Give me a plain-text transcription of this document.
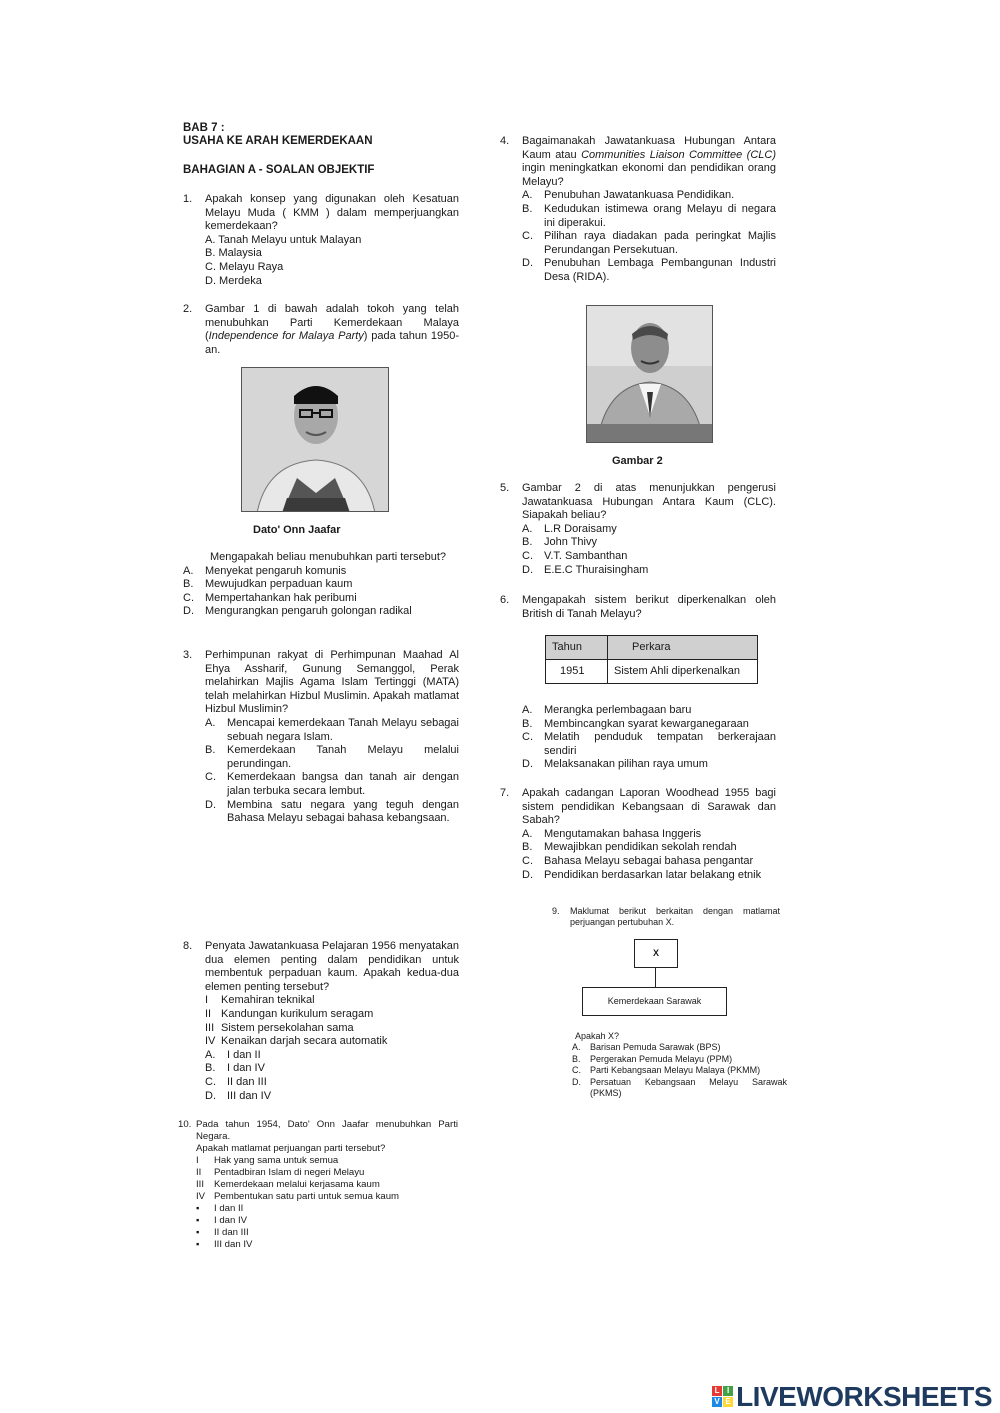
BAB 7 :
USAHA KE ARAH KEMERDEKAAN
BAHAGIAN A - SOALAN OBJEKTIF
1.	Apakah konsep yang digunakan oleh Kesatuan Melayu Muda ( KMM ) dalam memperjuangkan kemerdekaan?
A. Tanah Melayu untuk Malayan
B. Malaysia
C. Melayu Raya
D. Merdeka
2.	Gambar 1 di bawah adalah tokoh yang telah menubuhkan Parti Kemerdekaan Malaya (Independence for Malaya Party) pada tahun 1950-an.
Dato' Onn Jaafar
Mengapakah beliau menubuhkan parti tersebut?
A.	Menyekat pengaruh komunis
B.	Mewujudkan perpaduan kaum
C.	Mempertahankan hak peribumi
D.	Mengurangkan pengaruh golongan radikal
3.	Perhimpunan rakyat di Perhimpunan Maahad Al Ehya Assharif, Gunung Semanggol, Perak melahirkan Majlis Agama Islam Tertinggi (MATA) telah melahirkan Hizbul Muslimin. Apakah matlamat Hizbul Muslimin?
A.	Mencapai kemerdekaan Tanah Melayu sebagai sebuah negara Islam.
B.	Kemerdekaan Tanah Melayu melalui perundingan.
C.	Kemerdekaan bangsa dan tanah air dengan jalan terbuka secara lembut.
D.	Membina satu negara yang teguh dengan Bahasa Melayu sebagai bahasa kebangsaan.
4.	Bagaimanakah Jawatankuasa Hubungan Antara Kaum atau Communities Liaison Committee (CLC) ingin meningkatkan ekonomi dan pendidikan orang Melayu?
A.	Penubuhan Jawatankuasa Pendidikan.
B.	Kedudukan istimewa orang Melayu di negara ini diperakui.
C.	Pilihan raya diadakan pada peringkat Majlis Perundangan Persekutuan.
D.	Penubuhan Lembaga Pembangunan Industri Desa (RIDA).
Gambar 2
5.	Gambar 2 di atas menunjukkan pengerusi Jawatankuasa Hubungan Antara Kaum (CLC). Siapakah beliau?
A.	L.R Doraisamy
B.	John Thivy
C.	V.T. Sambanthan
D.	E.E.C Thuraisingham
6.	Mengapakah sistem berikut diperkenalkan oleh British di Tanah Melayu?
Tahun	Perkara
1951	Sistem Ahli diperkenalkan
A.	Merangka perlembagaan baru
B.	Membincangkan syarat kewarganegaraan
C.	Melatih penduduk tempatan berkerajaan sendiri
D.	Melaksanakan pilihan raya umum
7.	Apakah cadangan Laporan Woodhead 1955 bagi sistem pendidikan Kebangsaan di Sarawak dan Sabah?
A.	Mengutamakan bahasa Inggeris
B.	Mewajibkan pendidikan sekolah rendah
C.	Bahasa Melayu sebagai bahasa pengantar
D.	Pendidikan berdasarkan latar belakang etnik
9.	Maklumat berikut berkaitan dengan matlamat perjuangan pertubuhan X.
X
Kemerdekaan Sarawak
Apakah X?
A.	Barisan Pemuda Sarawak (BPS)
B.	Pergerakan Pemuda Melayu (PPM)
C.	Parti Kebangsaan Melayu Malaya (PKMM)
D.	Persatuan Kebangsaan Melayu Sarawak (PKMS)
8.	Penyata Jawatankuasa Pelajaran 1956 menyatakan dua elemen penting dalam pendidikan untuk membentuk perpaduan kaum. Apakah kedua-dua elemen penting tersebut?
I	Kemahiran teknikal
II Kandungan kurikulum seragam
III Sistem persekolahan sama
IV Kenaikan darjah secara automatik
A.	I dan II
B.	I dan IV
C.	II dan III
D.	III dan IV
10. Pada tahun 1954, Dato' Onn Jaafar menubuhkan Parti Negara.
Apakah matlamat perjuangan parti tersebut?
I	Hak yang sama untuk semua
II	Pentadbiran Islam di negeri Melayu
III	Kemerdekaan melalui kerjasama kaum
IV Pembentukan satu parti untuk semua kaum
▪	I dan II
▪	I dan IV
▪	II dan III
▪	III dan IV
L I
V E LIVEWORKSHEETS
